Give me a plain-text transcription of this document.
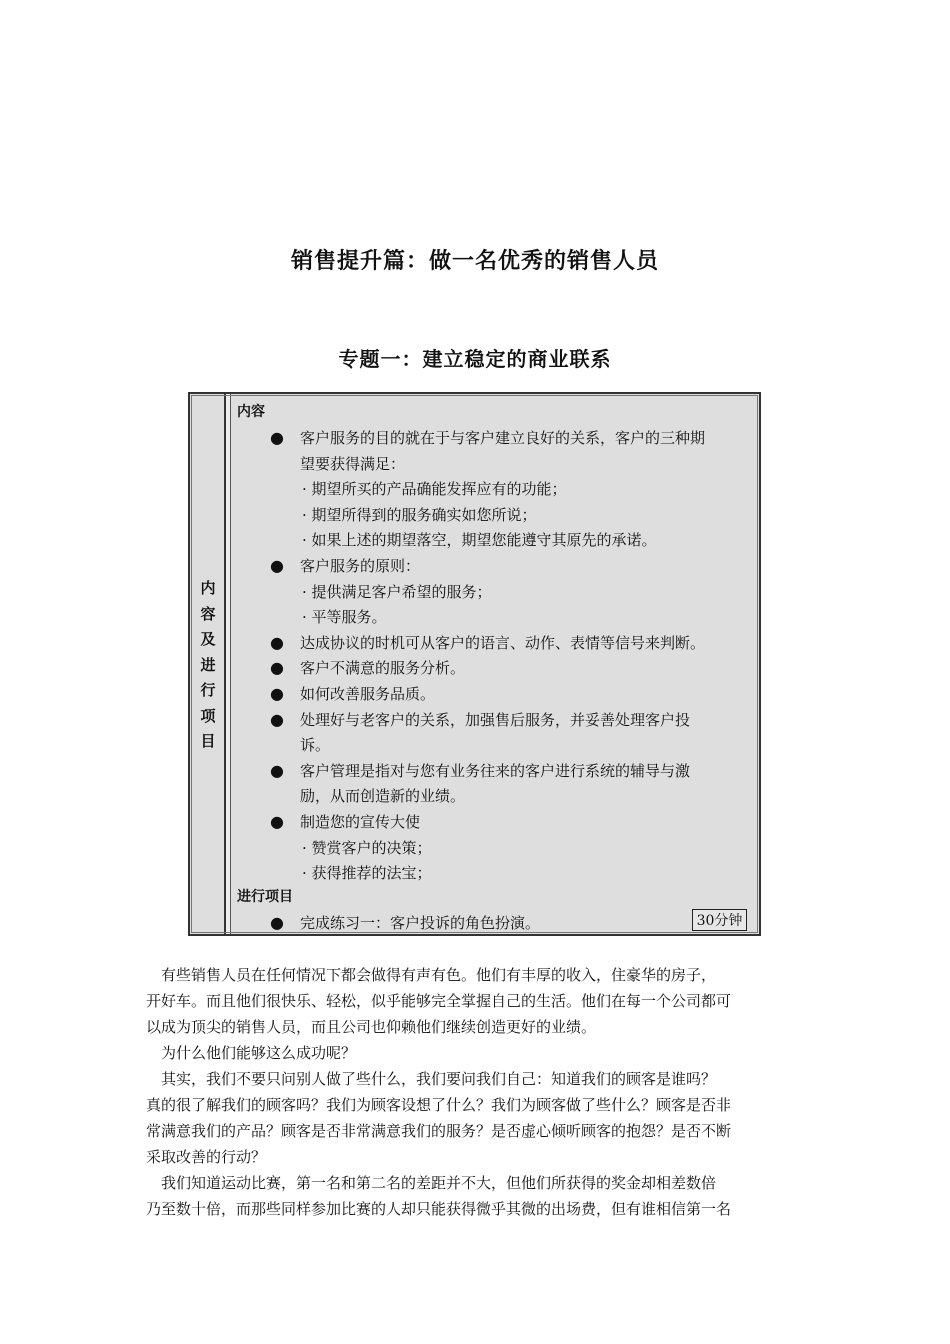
销售提升篇：做一名优秀的销售人员
专题一：建立稳定的商业联系
内
容
及
进
行
项
目
内容
● 客户服务的目的就在于与客户建立良好的关系，客户的三种期
望要获得满足：
· 期望所买的产品确能发挥应有的功能；
· 期望所得到的服务确实如您所说；
· 如果上述的期望落空，期望您能遵守其原先的承诺。
● 客户服务的原则：
· 提供满足客户希望的服务；
· 平等服务。
● 达成协议的时机可从客户的语言、动作、表情等信号来判断。
● 客户不满意的服务分析。
● 如何改善服务品质。
● 处理好与老客户的关系，加强售后服务，并妥善处理客户投
诉。
● 客户管理是指对与您有业务往来的客户进行系统的辅导与激
励，从而创造新的业绩。
● 制造您的宣传大使
· 赞赏客户的决策；
· 获得推荐的法宝；
进行项目
● 完成练习一：客户投诉的角色扮演。	30分钟
　有些销售人员在任何情况下都会做得有声有色。他们有丰厚的收入，住豪华的房子，
开好车。而且他们很快乐、轻松，似乎能够完全掌握自己的生活。他们在每一个公司都可
以成为顶尖的销售人员，而且公司也仰赖他们继续创造更好的业绩。
　为什么他们能够这么成功呢？
　其实，我们不要只问别人做了些什么，我们要问我们自己：知道我们的顾客是谁吗？
真的很了解我们的顾客吗？我们为顾客设想了什么？我们为顾客做了些什么？顾客是否非
常满意我们的产品？顾客是否非常满意我们的服务？是否虚心倾听顾客的抱怨？是否不断
采取改善的行动？
　我们知道运动比赛，第一名和第二名的差距并不大，但他们所获得的奖金却相差数倍
乃至数十倍，而那些同样参加比赛的人却只能获得微乎其微的出场费，但有谁相信第一名
